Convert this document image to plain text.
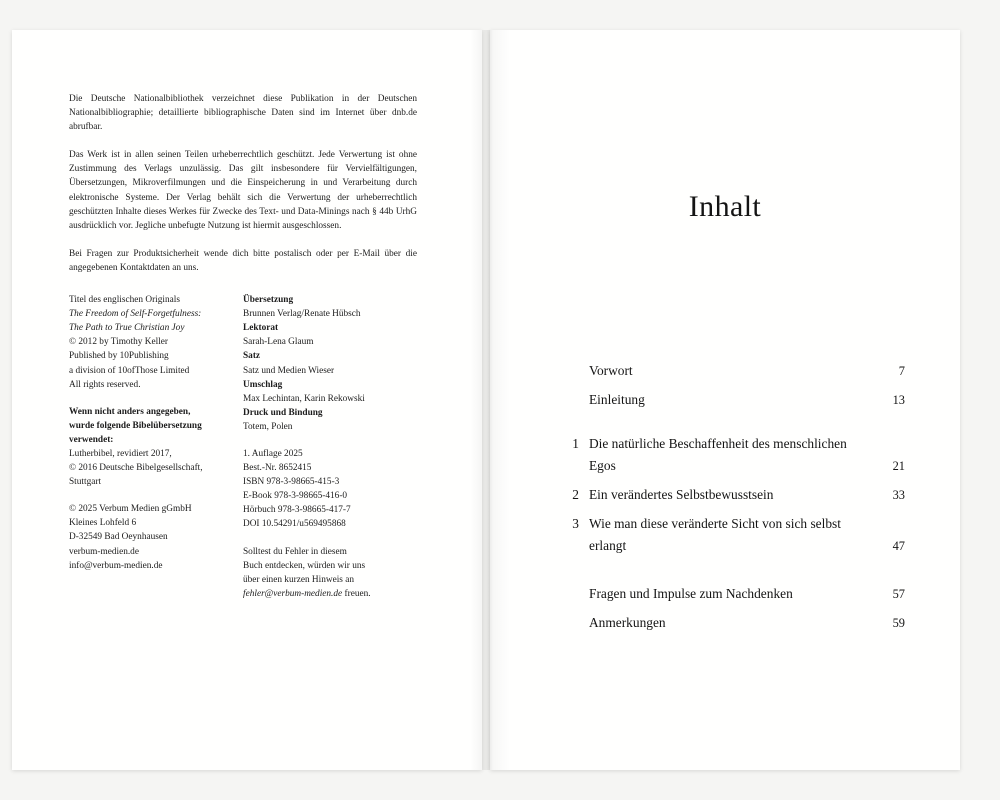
Die Deutsche Nationalbibliothek verzeichnet diese Publikation in der Deutschen Nationalbibliographie; detaillierte bibliographische Daten sind im Internet über dnb.de abrufbar.

Das Werk ist in allen seinen Teilen urheberrechtlich geschützt. Jede Verwertung ist ohne Zustimmung des Verlags unzulässig. Das gilt insbesondere für Vervielfältigungen, Übersetzungen, Mikroverfilmungen und die Einspeicherung in und Verarbeitung durch elektronische Systeme. Der Verlag behält sich die Verwertung der urheberrechtlich geschützten Inhalte dieses Werkes für Zwecke des Text- und Data-Minings nach § 44b UrhG ausdrücklich vor. Jegliche unbefugte Nutzung ist hiermit ausgeschlossen.

Bei Fragen zur Produktsicherheit wende dich bitte postalisch oder per E-Mail über die angegebenen Kontaktdaten an uns.

Titel des englischen Originals
The Freedom of Self-Forgetfulness:
The Path to True Christian Joy
© 2012 by Timothy Keller
Published by 10Publishing
a division of 10ofThose Limited
All rights reserved.
Wenn nicht anders angegeben,
wurde folgende Bibelübersetzung
verwendet:
Lutherbibel, revidiert 2017,
© 2016 Deutsche Bibelgesellschaft,
Stuttgart
© 2025 Verbum Medien gGmbH
Kleines Lohfeld 6
D-32549 Bad Oeynhausen
verbum-medien.de
info@verbum-medien.de
Übersetzung
Brunnen Verlag/Renate Hübsch
Lektorat
Sarah-Lena Glaum
Satz
Satz und Medien Wieser
Umschlag
Max Lechintan, Karin Rekowski
Druck und Bindung
Totem, Polen
1. Auflage 2025
Best.-Nr. 8652415
ISBN 978-3-98665-415-3
E-Book 978-3-98665-416-0
Hörbuch 978-3-98665-417-7
DOI 10.54291/u569495868
Solltest du Fehler in diesem
Buch entdecken, würden wir uns
über einen kurzen Hinweis an
fehler@verbum-medien.de freuen.
Inhalt
Vorwort	7
Einleitung	13
1 Die natürliche Beschaffenheit des menschlichen Egos	21
2 Ein verändertes Selbstbewusstsein	33
3 Wie man diese veränderte Sicht von sich selbst erlangt	47
Fragen und Impulse zum Nachdenken	57
Anmerkungen	59
